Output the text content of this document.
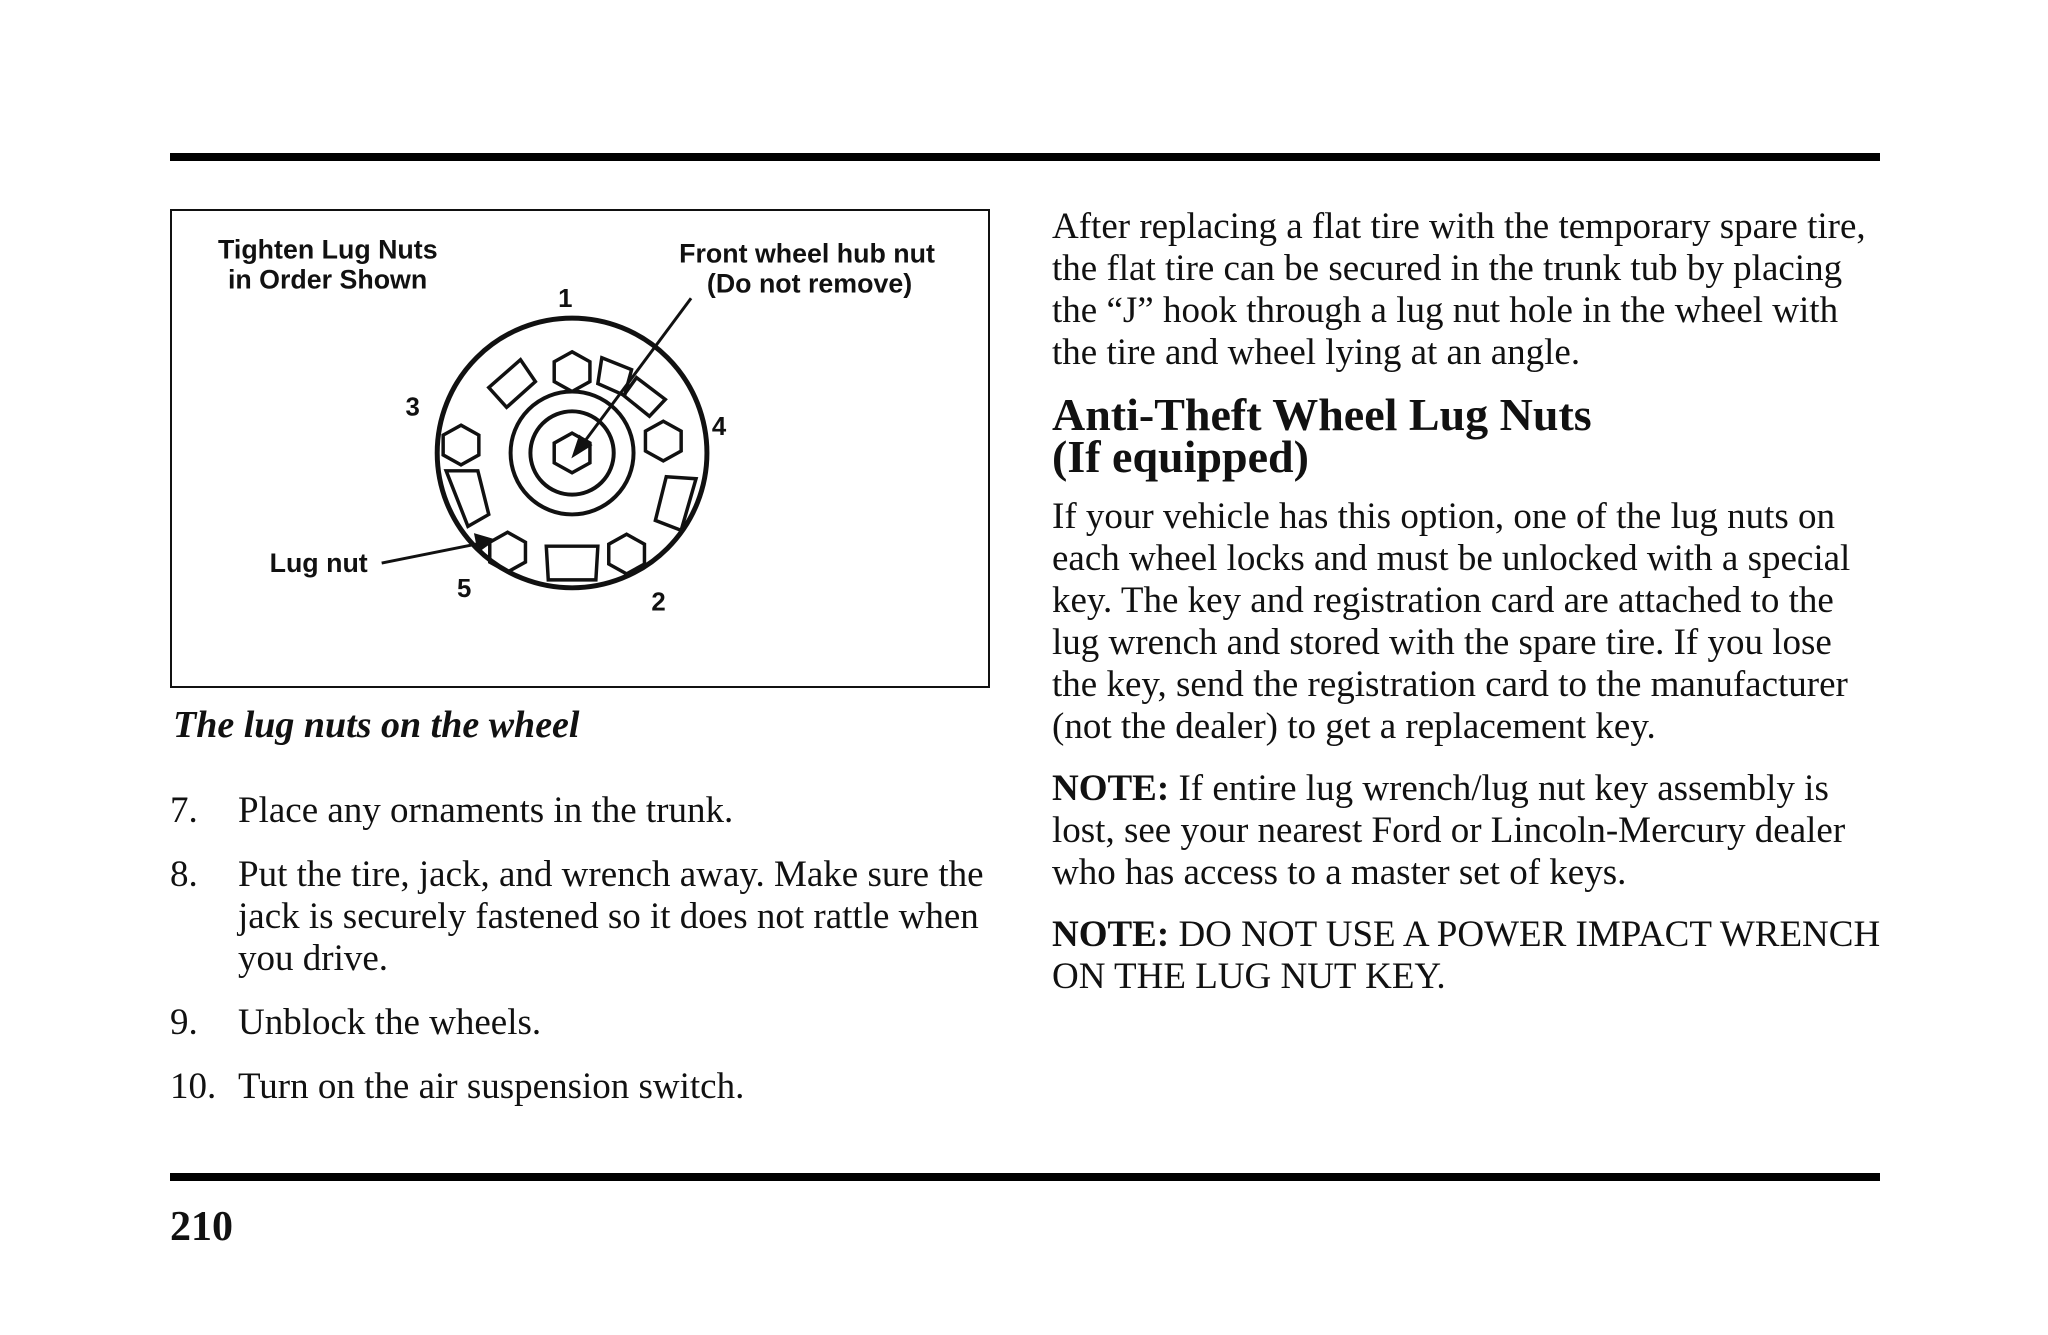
Tighten Lug Nuts
in Order Shown
Front wheel hub nut
(Do not remove)
Lug nut
1
2
3
4
5
The lug nuts on the wheel
7.	Place any ornaments in the trunk.
8.	Put the tire, jack, and wrench away. Make sure the jack is securely fastened so it does not rattle when you drive.
9.	Unblock the wheels.
10. Turn on the air suspension switch.

After replacing a flat tire with the temporary spare tire, the flat tire can be secured in the trunk tub by placing the “J” hook through a lug nut hole in the wheel with the tire and wheel lying at an angle.

Anti-Theft Wheel Lug Nuts
(If equipped)

If your vehicle has this option, one of the lug nuts on each wheel locks and must be unlocked with a special key. The key and registration card are attached to the lug wrench and stored with the spare tire. If you lose the key, send the registration card to the manufacturer (not the dealer) to get a replacement key.

NOTE: If entire lug wrench/lug nut key assembly is lost, see your nearest Ford or Lincoln-Mercury dealer who has access to a master set of keys.

NOTE: DO NOT USE A POWER IMPACT WRENCH ON THE LUG NUT KEY.

210
